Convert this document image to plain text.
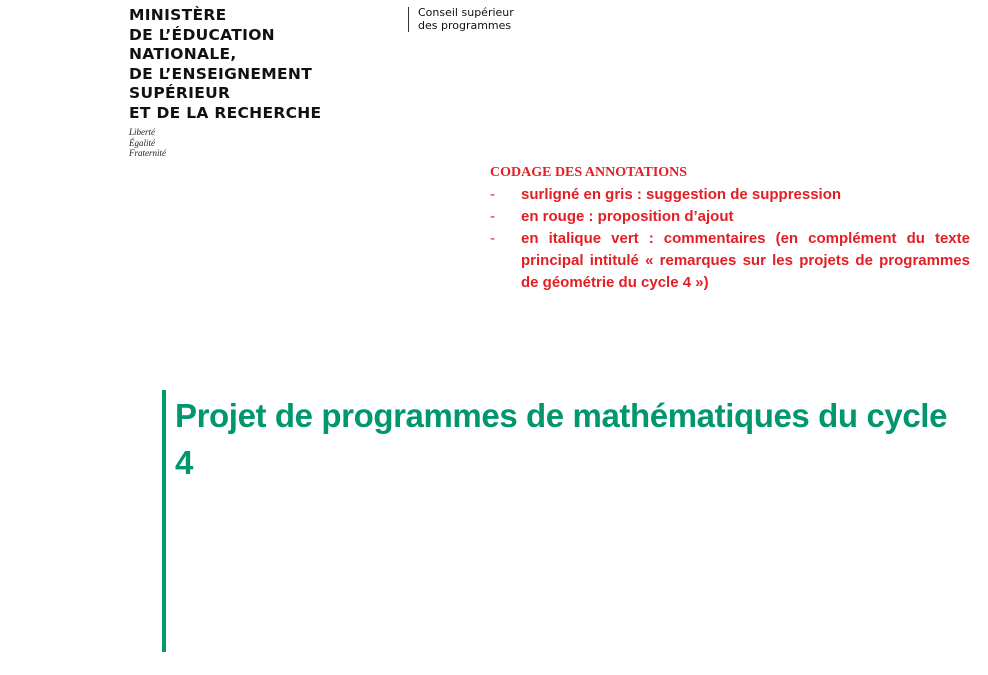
MINISTÈRE
DE L’ÉDUCATION
NATIONALE,
DE L’ENSEIGNEMENT
SUPÉRIEUR
ET DE LA RECHERCHE
Liberté
Égalité
Fraternité
Conseil supérieur
des programmes
CODAGE DES ANNOTATIONS
- surligné en gris : suggestion de suppression
- en rouge : proposition d’ajout
- en italique vert : commentaires (en complément du texte principal intitulé « remarques sur les projets de programmes de géométrie du cycle 4 »)
Projet de programmes de mathématiques du cycle 4
